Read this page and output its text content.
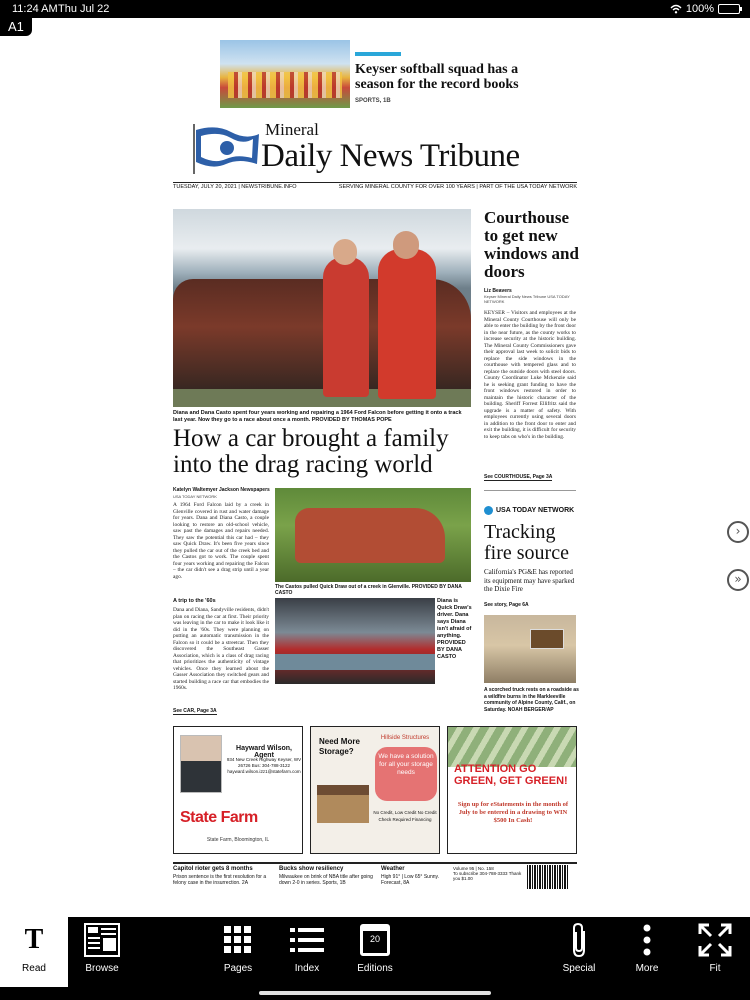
11:24 AM Thu Jul 22	100%
A1
Keyser softball squad has a season for the record books
SPORTS, 1B
Mineral
Daily News Tribune
TUESDAY, JULY 20, 2021 | NEWSTRIBUNE.INFO	SERVING MINERAL COUNTY FOR OVER 100 YEARS | PART OF THE USA TODAY NETWORK
Diana and Dana Casto spent four years working and repairing a 1964 Ford Falcon before getting it onto a track last year. Now they go to a race about once a month. PROVIDED BY THOMAS POPE
How a car brought a family into the drag racing world
Katelyn Waltemyer Jackson Newspapers
USA TODAY NETWORK
A 1964 Ford Falcon laid by a creek in Glenville covered in rust and water damage for years. Dana and Diana Casto, a couple looking to restore an old-school vehicle, saw past the damages and repairs needed. They saw the potential this car had – they saw Quick Draw. It's been five years since they pulled the car out of the creek bed and the Castos got to work. The couple spent four years working and repairing the Falcon – the car didn't see a drag strip until a year ago.
A trip to the '60s
Dana and Diana, Sandyville residents, didn't plan on racing the car at first. Their priority was leaving in the car to make it look like it did in the '60s. They were planning on putting an automatic transmission in the Falcon so it could be a streetcar. Then they discovered the Southeast Gasser Association, which is a class of drag racing that prioritizes the authenticity of vintage vehicles. Once they learned about the Gasser Association they switched gears and started building a race car that embodies the 1960s.
See CAR, Page 3A
The Castos pulled Quick Draw out of a creek in Glenville. PROVIDED BY DANA CASTO
Diana is Quick Draw's driver. Dana says Diana isn't afraid of anything. PROVIDED BY DANA CASTO
Courthouse to get new windows and doors
Liz Beavers
Keyser Mineral Daily News Tribune USA TODAY NETWORK
KEYSER – Visitors and employees at the Mineral County Courthouse will only be able to enter the building by the front door in the near future, as the county works to increase security at the historic building. The Mineral County Commissioners gave their approval last week to solicit bids to replace the side windows in the courthouse with tempered glass and to replace the outside doors with steel doors. County Coordinator Luke Mckenzie said he is seeking grant funding to have the front windows restored in order to maintain the historic character of the building. Sheriff Forrest Ellifritz said the upgrade is a matter of safety. With employees currently using several doors in addition to the front door to enter and exit the building, it is difficult for security to keep tabs on who's in the building.
See COURTHOUSE, Page 3A
USA TODAY NETWORK
Tracking fire source
California's PG&E has reported its equipment may have sparked the Dixie Fire
See story, Page 6A
A scorched truck rests on a roadside as a wildfire burns in the Markleeville community of Alpine County, Calif., on Saturday. NOAH BERGER/AP
Hayward Wilson, Agent
934 New Creek Highway Keyser, WV 26726 Bus: 304-788-3122 hayward.wilson.i2z1@statefarm.com
State Farm
State Farm, Bloomington, IL
Need More Storage?
Hillside Structures
We have a solution for all your storage needs
No Credit, Low Credit No Credit Check Required Financing
ATTENTION GO GREEN, GET GREEN!
Sign up for eStatements in the month of July to be entered in a drawing to WIN $500 In Cash!
Capitol rioter gets 8 months
Prison sentence is the first resolution for a felony case in the insurrection. 2A
Bucks show resiliency
Milwaukee on brink of NBA title after going down 2-0 in series. Sports, 1B
Weather
High 91° | Low 65° Sunny. Forecast, 8A
Volume 95 | No. 158
To subscribe 304-788-3333 Thank you $1.00
›
»
T
Read	Browse	Pages	Index
20
Editions	Special	More	Fit
